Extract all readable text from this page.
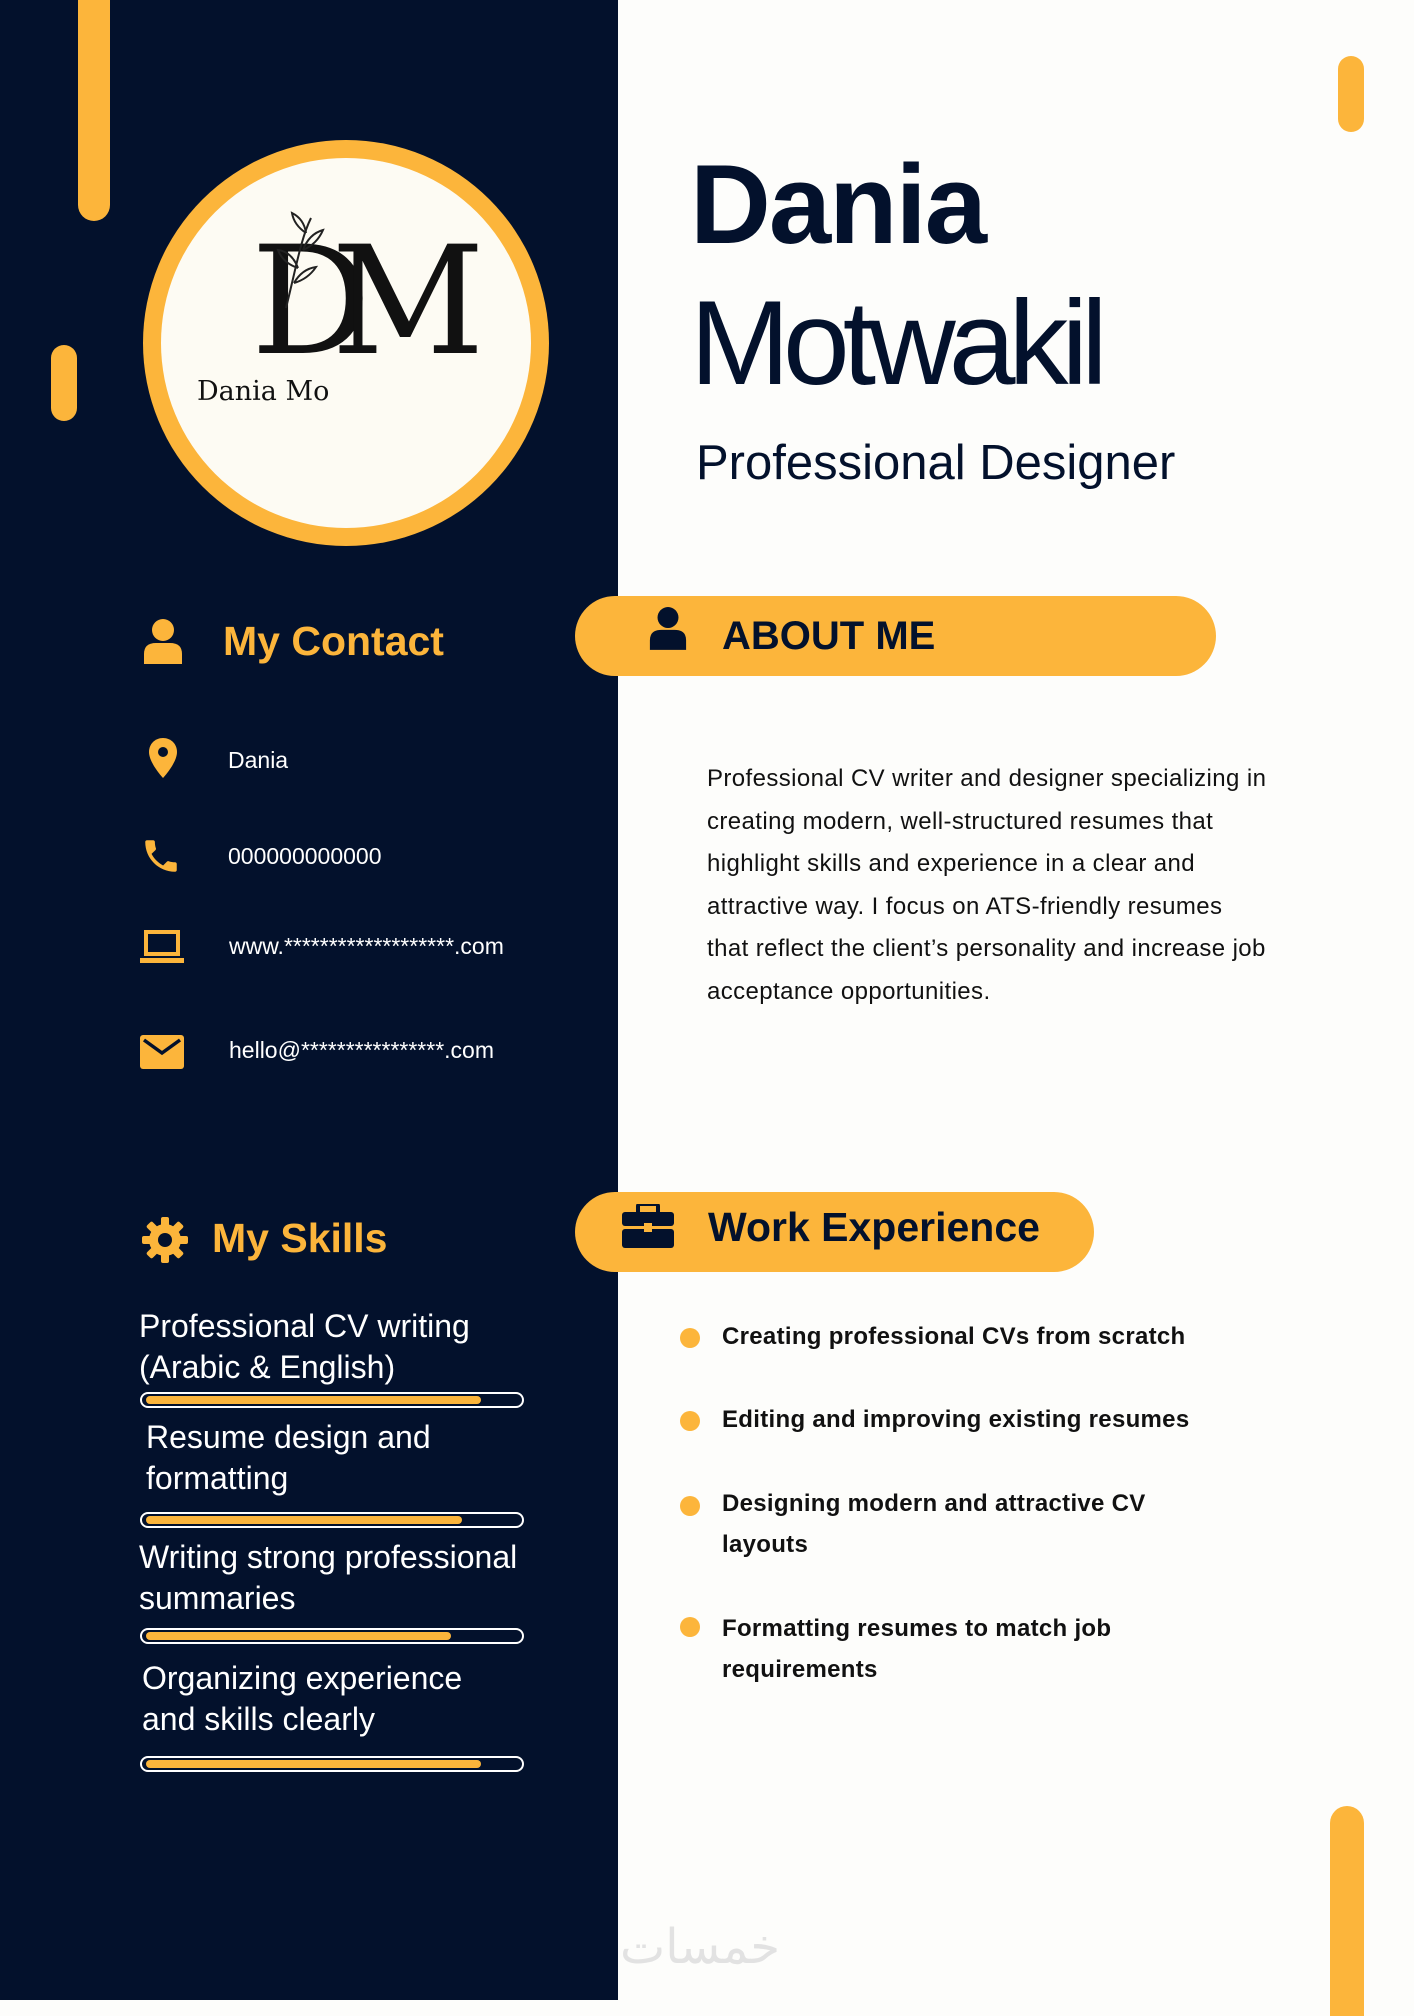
DM
Dania Mo
Dania
Motwakil
Professional Designer
My Contact
Dania
000000000000
www.*******************.com
hello@****************.com
ABOUT ME
Professional CV writer and designer specializing in creating modern, well-structured resumes that highlight skills and experience in a clear and attractive way. I focus on ATS-friendly resumes that reflect the client’s personality and increase job acceptance opportunities.
Work Experience
Creating professional CVs from scratch
Editing and improving existing resumes
Designing modern and attractive CV layouts
Formatting resumes to match job requirements
My Skills
Professional CV writing (Arabic & English)
Resume design and formatting
Writing strong professional summaries
Organizing experience and skills clearly
خمسات
